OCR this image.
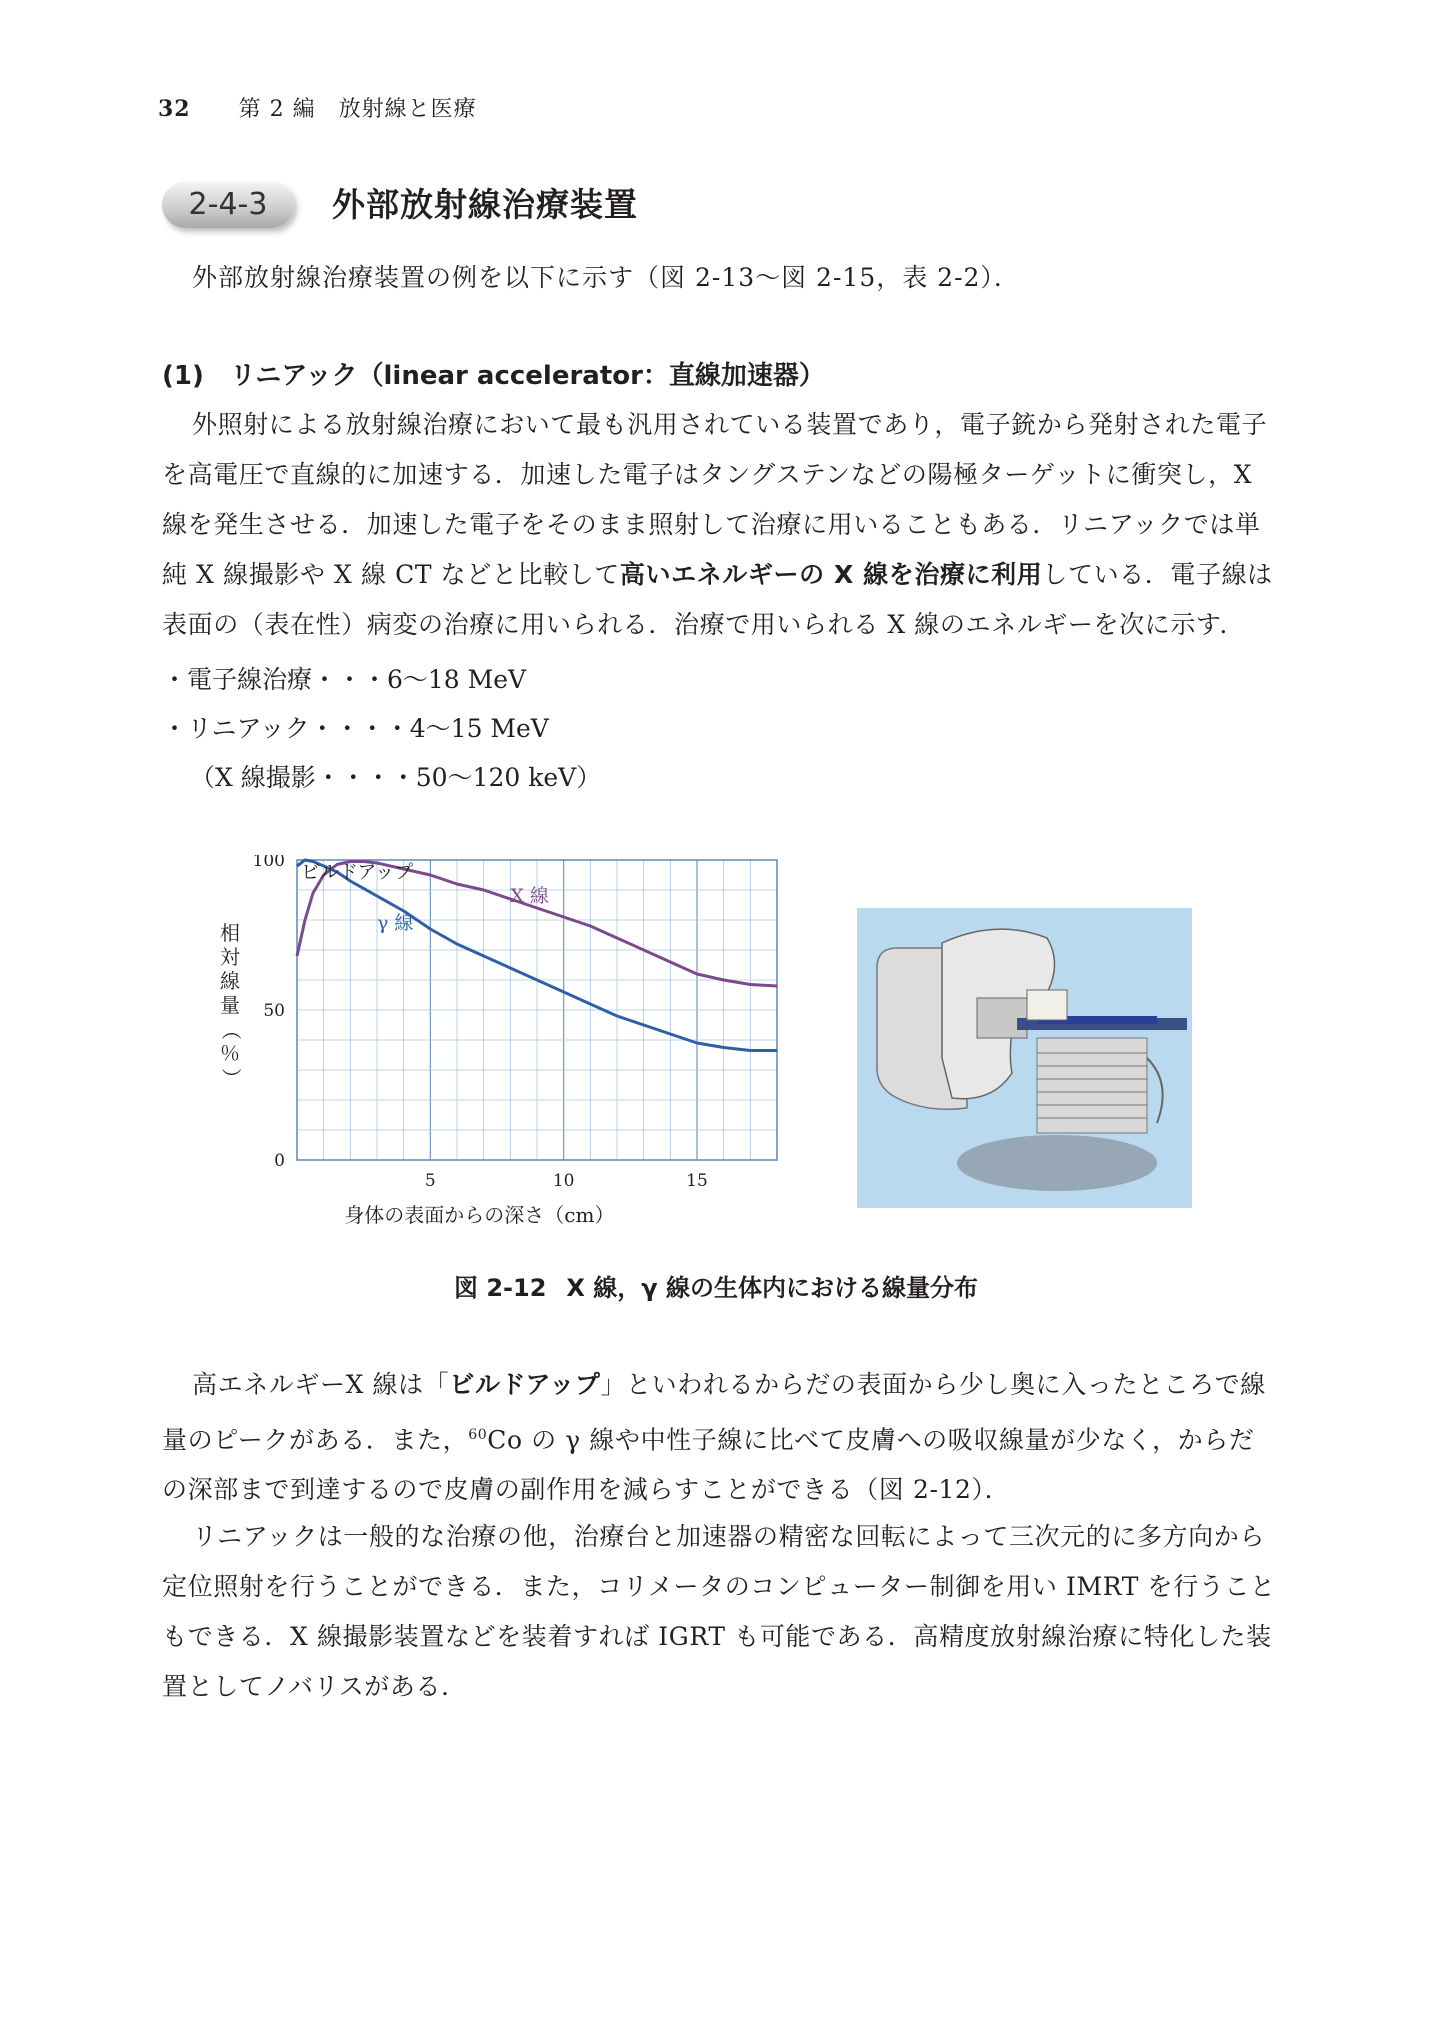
32 第 2 編　放射線と医療
2-4-3	外部放射線治療装置
外部放射線治療装置の例を以下に示す（図 2-13〜図 2-15，表 2-2）．
(1) リニアック（linear accelerator：直線加速器）
外照射による放射線治療において最も汎用されている装置であり，電子銃から発射された電子
を高電圧で直線的に加速する．加速した電子はタングステンなどの陽極ターゲットに衝突し，X
線を発生させる．加速した電子をそのまま照射して治療に用いることもある．リニアックでは単
純 X 線撮影や X 線 CT などと比較して高いエネルギーの X 線を治療に利用している．電子線は
表面の（表在性）病変の治療に用いられる．治療で用いられる X 線のエネルギーを次に示す．
・電子線治療・・・6〜18 MeV
・リニアック・・・・4〜15 MeV
（X 線撮影・・・・50〜120 keV）
X 線
γ 線
5	10	15
0
50
100 ビルドアップ
身体の表面からの深さ（cm）
相
対
線
量
（
％
）
図 2-12 X 線，γ 線の生体内における線量分布
高エネルギーX 線は「ビルドアップ」といわれるからだの表面から少し奥に入ったところで線
量のピークがある．また，$^{60}$Co の γ 線や中性子線に比べて皮膚への吸収線量が少なく，からだ
の深部まで到達するので皮膚の副作用を減らすことができる（図 2-12）．
リニアックは一般的な治療の他，治療台と加速器の精密な回転によって三次元的に多方向から
定位照射を行うことができる．また，コリメータのコンピューター制御を用い IMRT を行うこと
もできる．X 線撮影装置などを装着すれば IGRT も可能である．高精度放射線治療に特化した装
置としてノバリスがある．
